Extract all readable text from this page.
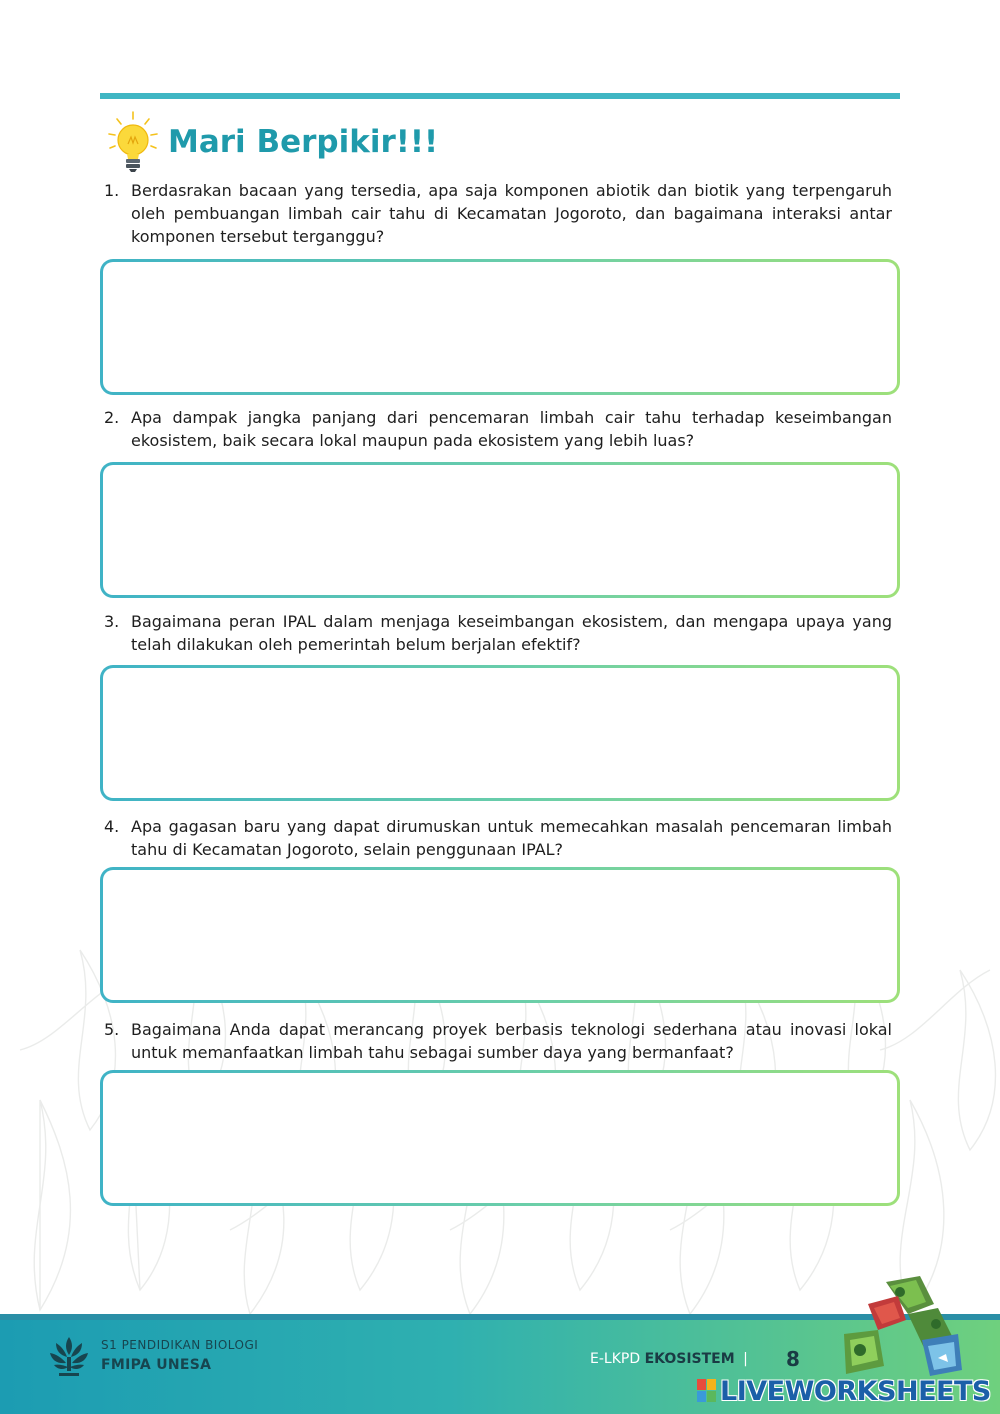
Mari Berpikir!!!
1. Berdasrakan bacaan yang tersedia, apa saja komponen abiotik dan biotik yang terpengaruh oleh pembuangan limbah cair tahu di Kecamatan Jogoroto, dan bagaimana interaksi antar komponen tersebut terganggu?
2. Apa dampak jangka panjang dari pencemaran limbah cair tahu terhadap keseimbangan ekosistem, baik secara lokal maupun pada ekosistem yang lebih luas?
3. Bagaimana peran IPAL dalam menjaga keseimbangan ekosistem, dan mengapa upaya yang telah dilakukan oleh pemerintah belum berjalan efektif?
4. Apa gagasan baru yang dapat dirumuskan untuk memecahkan masalah pencemaran limbah tahu di Kecamatan Jogoroto, selain penggunaan IPAL?
5. Bagaimana Anda dapat merancang proyek berbasis teknologi sederhana atau inovasi lokal untuk memanfaatkan limbah tahu sebagai sumber daya yang bermanfaat?
S1 PENDIDIKAN BIOLOGI
FMIPA UNESA	E-LKPD EKOSISTEM | 8
LIVEWORKSHEETS
